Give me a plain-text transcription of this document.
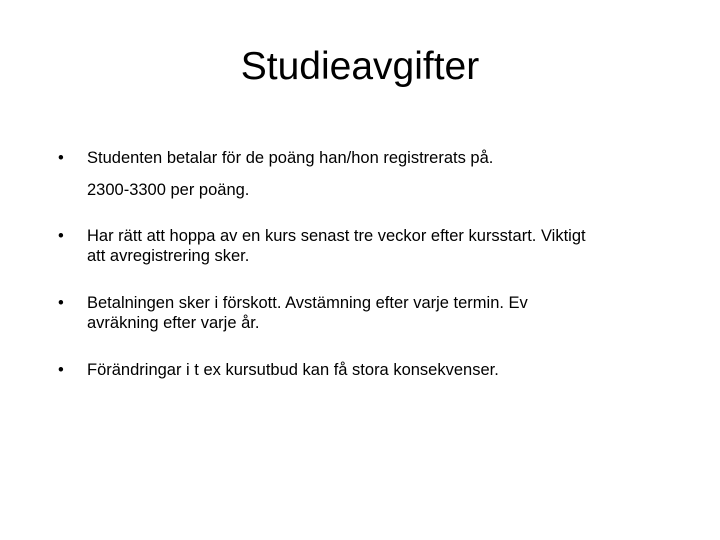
Studieavgifter
•	Studenten betalar för de poäng han/hon registrerats på.
2300-3300 per poäng.
•	Har rätt att hoppa av en kurs senast tre veckor efter kursstart. Viktigt
att avregistrering sker.
•	Betalningen sker i förskott. Avstämning efter varje termin. Ev
avräkning efter varje år.
•	Förändringar i t ex kursutbud kan få stora konsekvenser.
